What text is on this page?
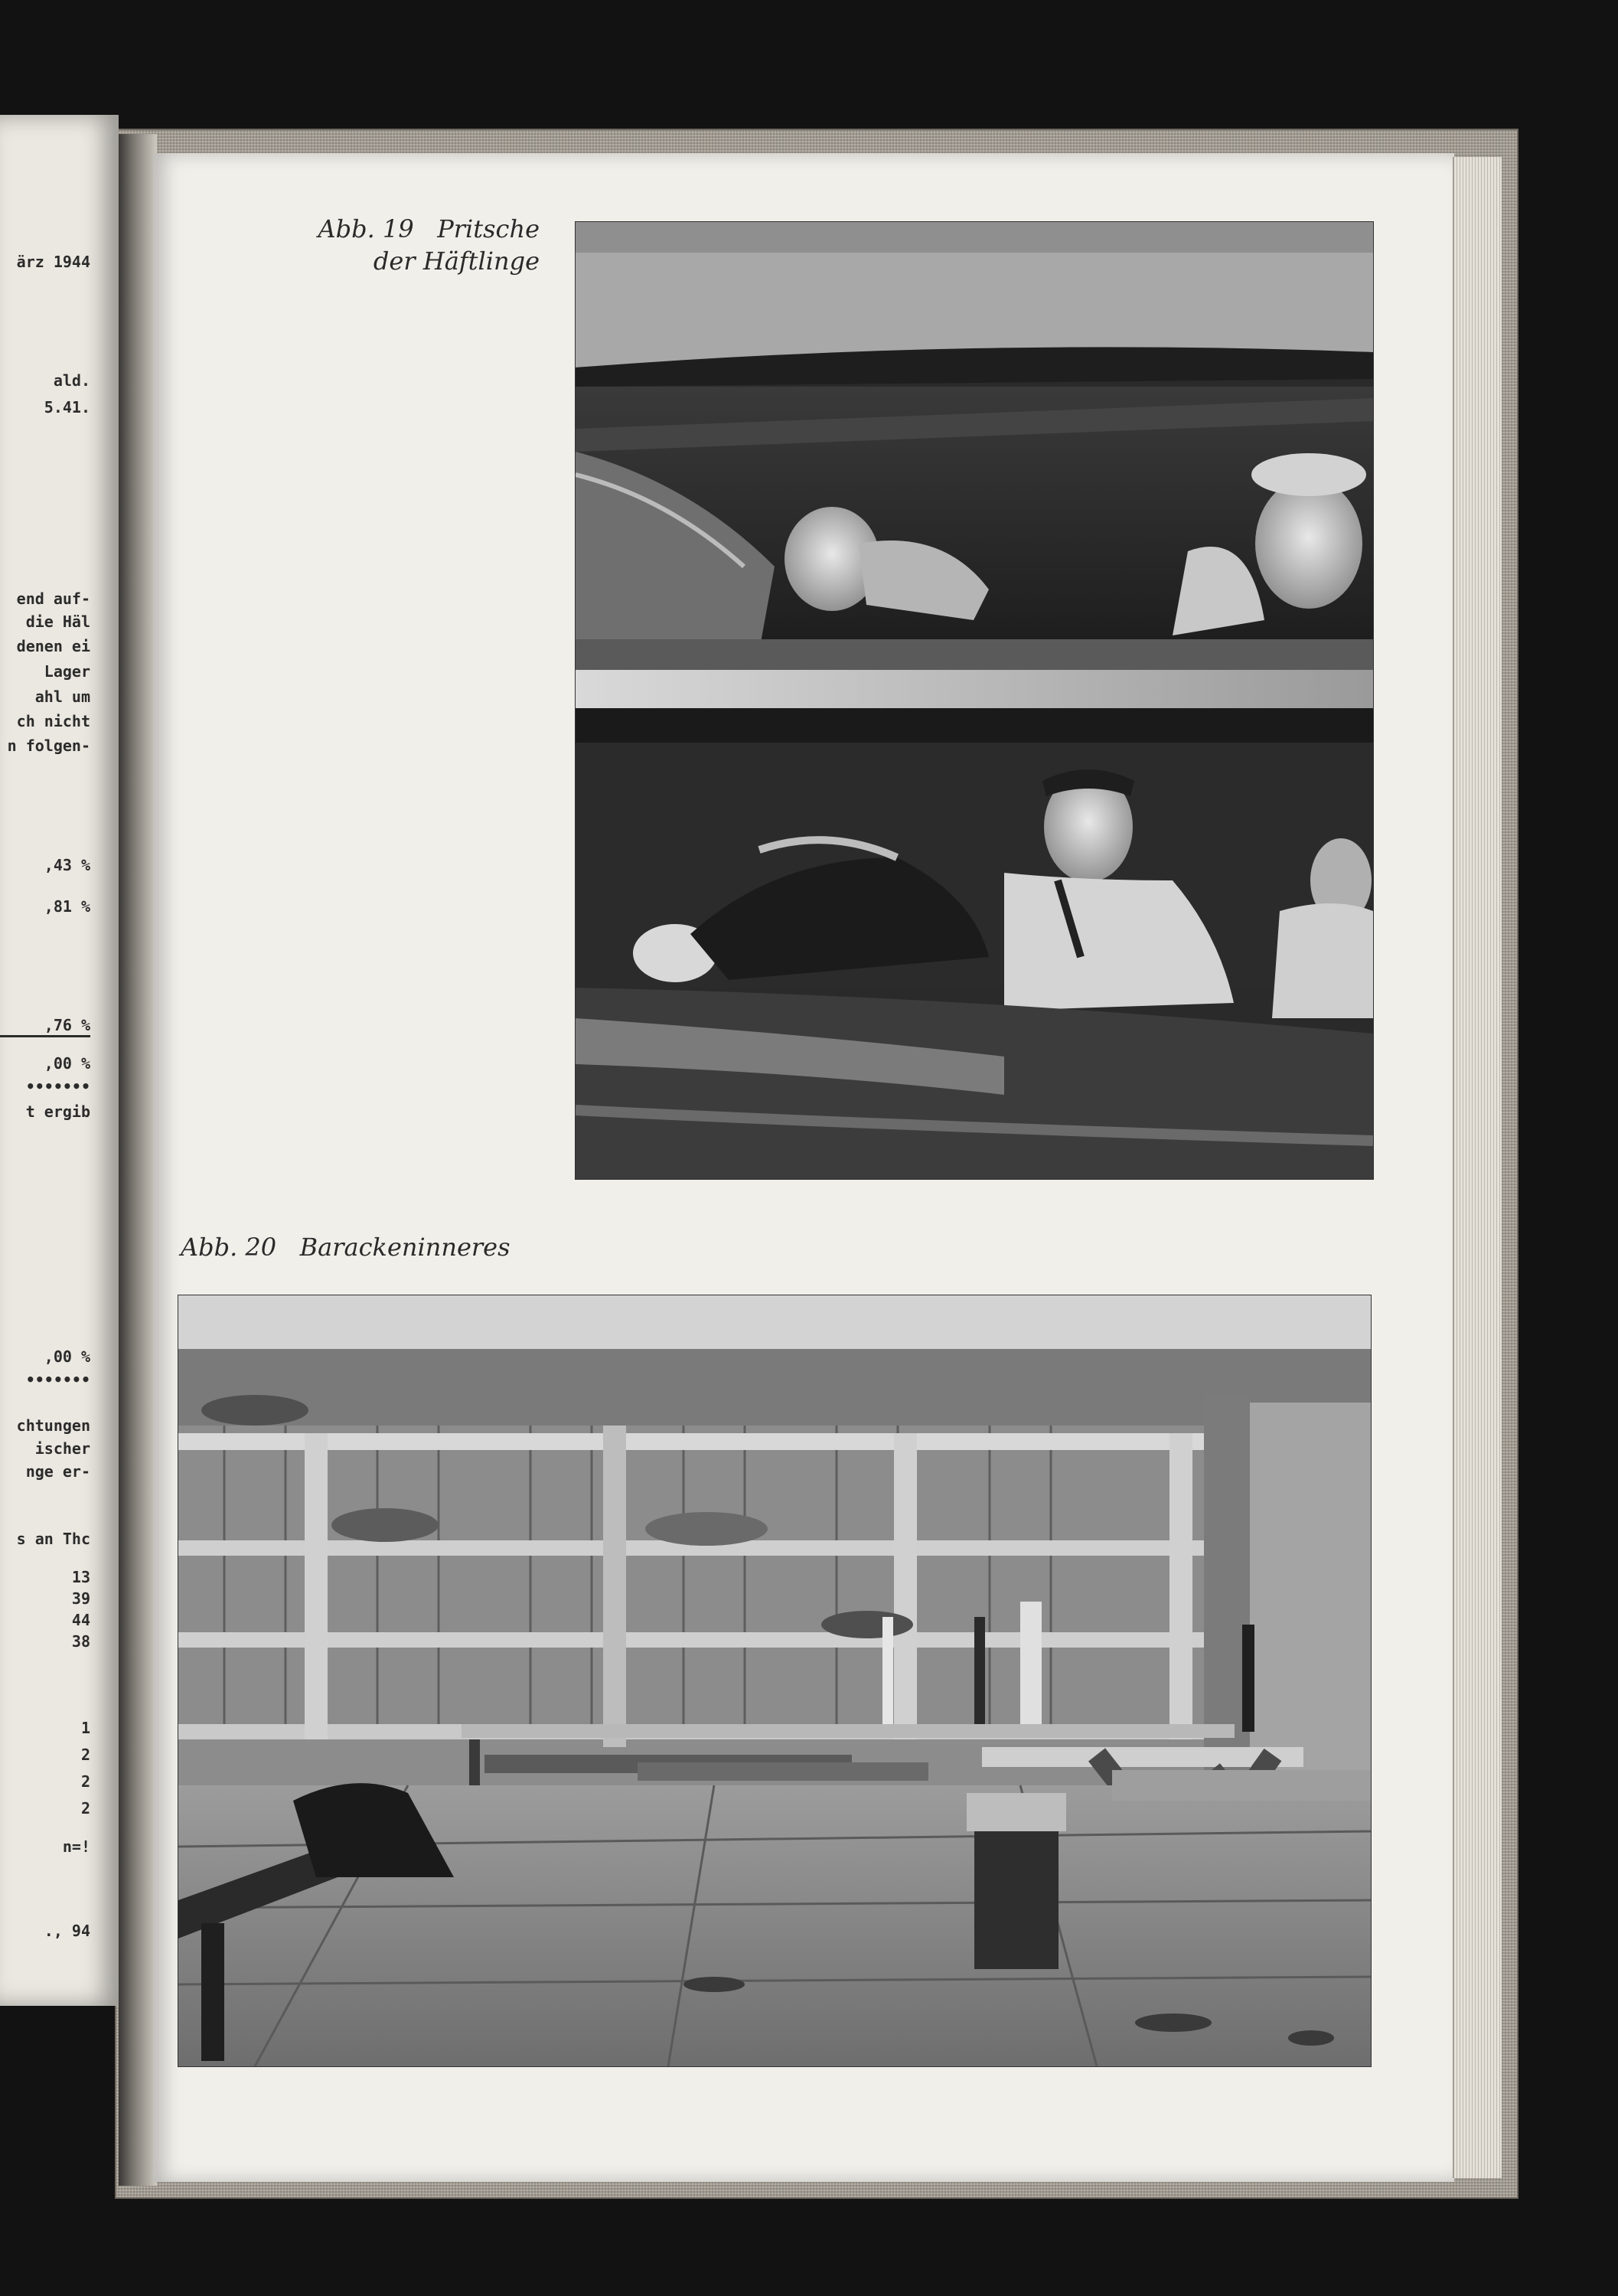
ärz 1944
ald.
5.41.
end auf-
die Häl
denen ei
Lager
ahl um
ch nicht
n folgen-
,43 %
,81 %
,76 %
,00 %
•••••••
t ergib
,00 %
•••••••
chtungen
ischer
nge er-
s an Thc
13
39
44
38
1
2
2
2
n=!
., 94
Abb. 19 Pritsche
der Häftlinge
Abb. 20 Barackeninneres
